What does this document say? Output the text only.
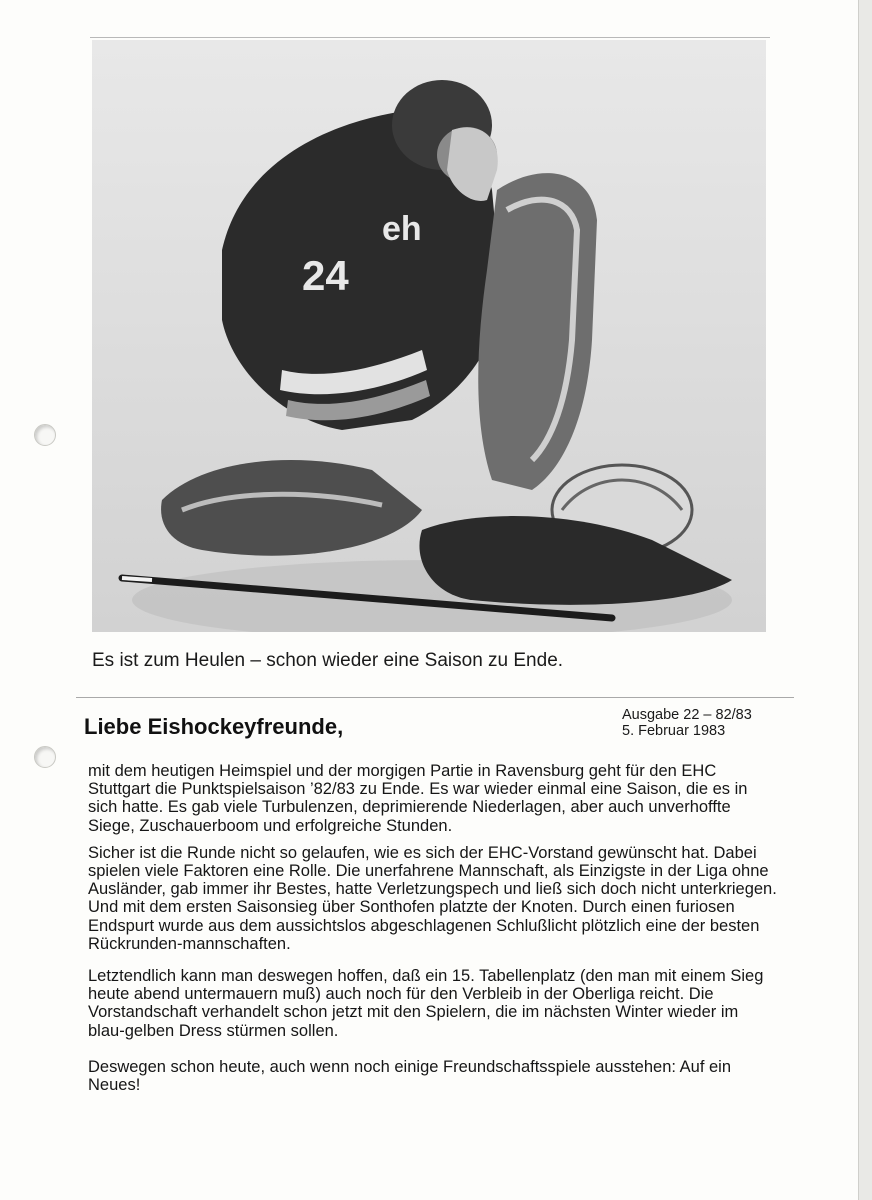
24
eh
Es ist zum Heulen – schon wieder eine Saison zu Ende.
Liebe Eishockeyfreunde,	Ausgabe 22 – 82/83
5. Februar 1983

mit dem heutigen Heimspiel und der morgigen Partie in Ravensburg geht für den EHC Stuttgart die Punktspielsaison ’82/83 zu Ende. Es war wieder einmal eine Saison, die es in sich hatte. Es gab viele Turbulenzen, deprimierende Niederlagen, aber auch unverhoffte Siege, Zuschauerboom und erfolgreiche Stunden.

Sicher ist die Runde nicht so gelaufen, wie es sich der EHC-Vorstand gewünscht hat. Dabei spielen viele Faktoren eine Rolle. Die unerfahrene Mannschaft, als Einzigste in der Liga ohne Ausländer, gab immer ihr Bestes, hatte Verletzungspech und ließ sich doch nicht unterkriegen. Und mit dem ersten Saisonsieg über Sonthofen platzte der Knoten. Durch einen furiosen Endspurt wurde aus dem aussichtslos abgeschlagenen Schlußlicht plötzlich eine der besten Rückrunden-mannschaften.

Letztendlich kann man deswegen hoffen, daß ein 15. Tabellenplatz (den man mit einem Sieg heute abend untermauern muß) auch noch für den Verbleib in der Oberliga reicht. Die Vorstandschaft verhandelt schon jetzt mit den Spielern, die im nächsten Winter wieder im blau-gelben Dress stürmen sollen.

Deswegen schon heute, auch wenn noch einige Freundschaftsspiele ausstehen: Auf ein Neues!
